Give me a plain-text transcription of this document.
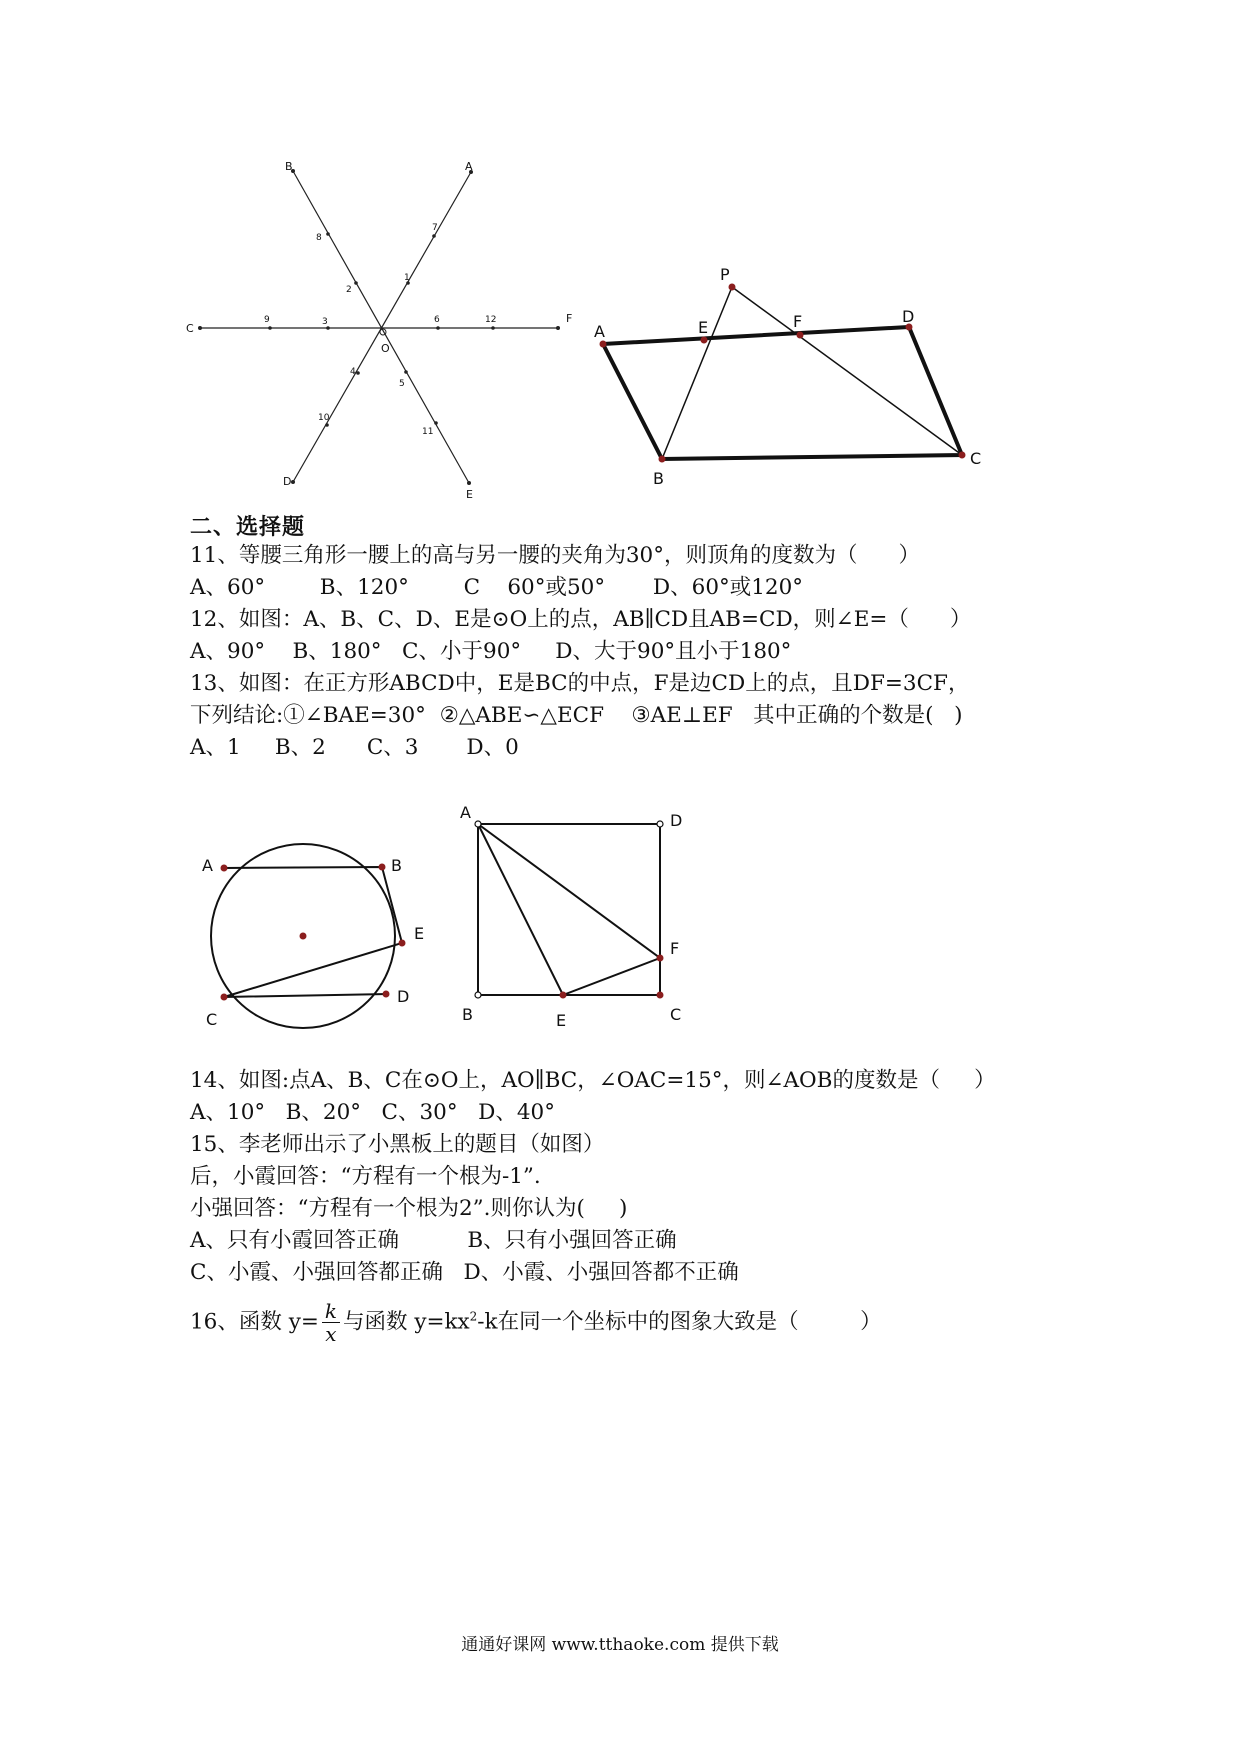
B	A
C
F
D
E
O
1
2
3
4
5
6
7
8
9
10
11
12
P
A	E	F	D
B
C
二、选择题
11、等腰三角形一腰上的高与另一腰的夹角为30°，则顶角的度数为（      ）
A、60°        B、120°        C    60°或50°       D、60°或120°
12、如图：A、B、C、D、E是⊙O上的点，AB∥CD且AB=CD，则∠E=（      ）
A、90°    B、180°   C、小于90°     D、大于90°且小于180°
13、如图：在正方形ABCD中，E是BC的中点，F是边CD上的点，且DF=3CF，
下列结论:①∠BAE=30°  ②△ABE∽△ECF    ③AE⊥EF   其中正确的个数是(   )
A、1     B、2      C、3       D、0
A	B
E
C
D
A	D
F
B	E	C
14、如图:点A、B、C在⊙O上，AO∥BC，∠OAC=15°，则∠AOB的度数是（     ）
A、10°   B、20°   C、30°   D、40°
15、李老师出示了小黑板上的题目（如图）
后，小霞回答：“方程有一个根为-1”.
小强回答：“方程有一个根为2”.则你认为(     )
A、只有小霞回答正确          B、只有小强回答正确
C、小霞、小强回答都正确   D、小霞、小强回答都不正确
16、函数 $y= \frac{k}{x}$ 与函数 $y=kx^2-k$在同一个坐标中的图象大致是（         ）
通通好课网 www.tthaoke.com 提供下载
